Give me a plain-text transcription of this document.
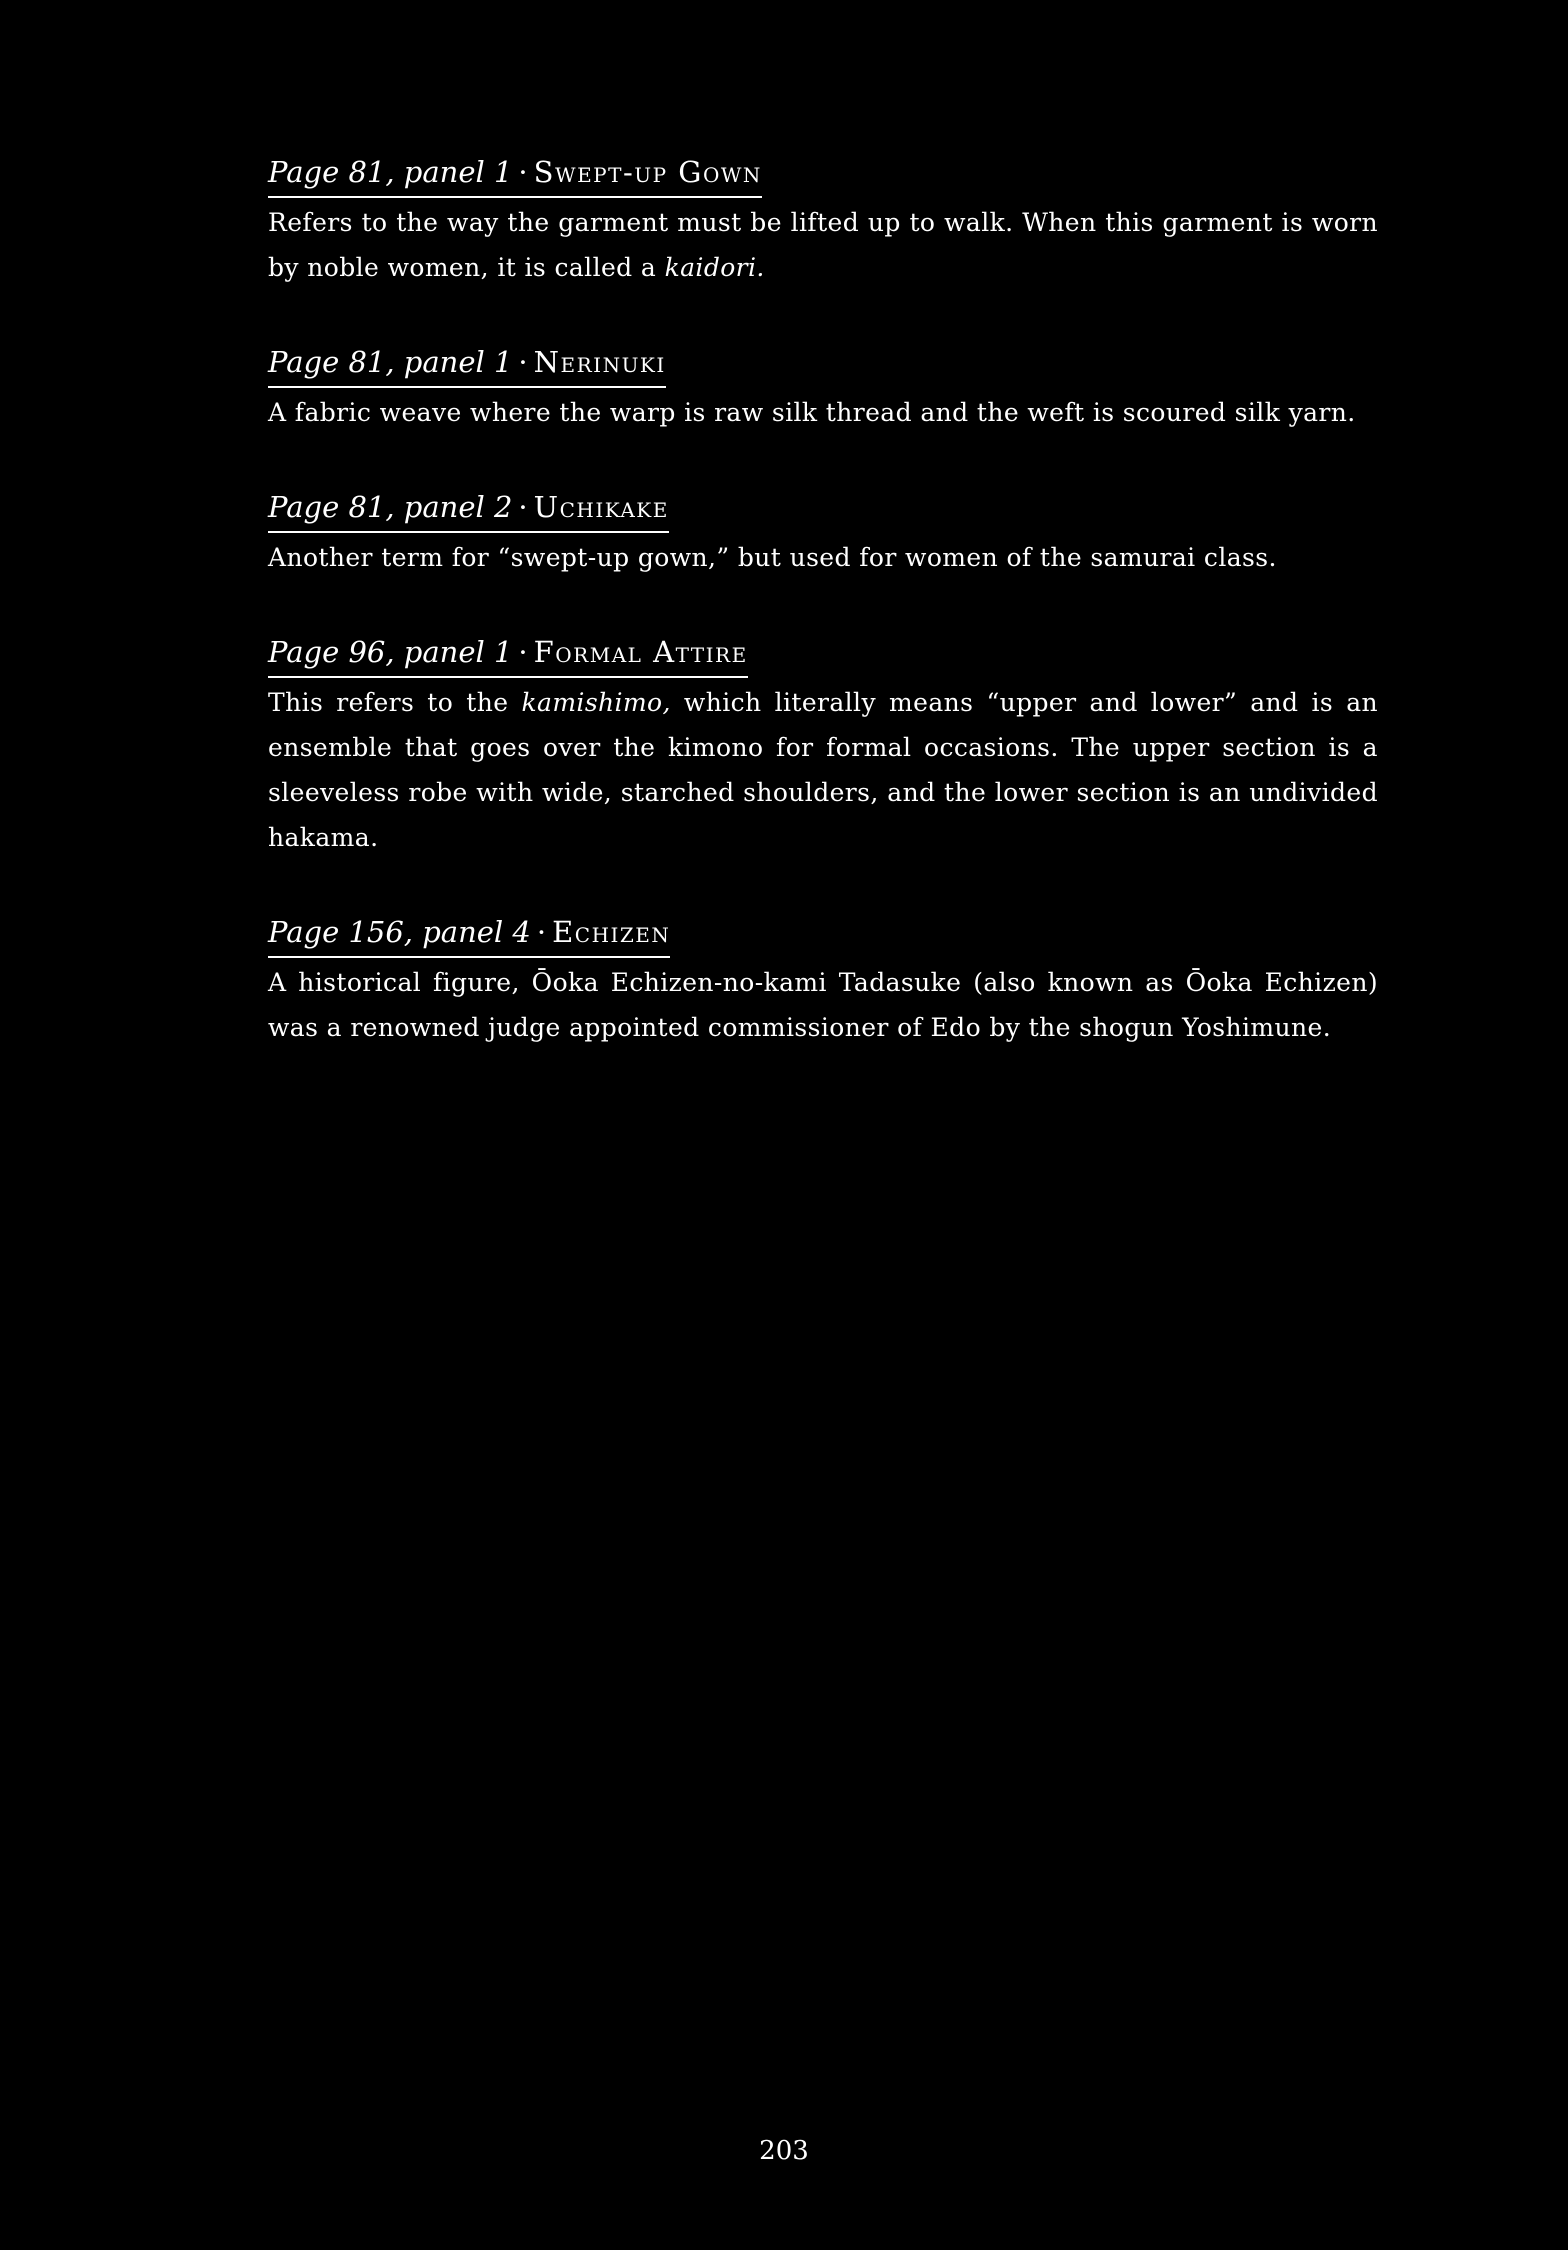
Page 81, panel 1 · Swept-up Gown
Refers to the way the garment must be lifted up to walk. When this garment is worn by noble women, it is called a kaidori.
Page 81, panel 1 · Nerinuki
A fabric weave where the warp is raw silk thread and the weft is scoured silk yarn.
Page 81, panel 2 · Uchikake
Another term for “swept-up gown,” but used for women of the samurai class.
Page 96, panel 1 · Formal Attire
This refers to the kamishimo, which literally means “upper and lower” and is an ensemble that goes over the kimono for formal occasions. The upper section is a sleeveless robe with wide, starched shoulders, and the lower section is an undivided hakama.
Page 156, panel 4 · Echizen
A historical figure, Ōoka Echizen-no-kami Tadasuke (also known as Ōoka Echizen) was a renowned judge appointed commissioner of Edo by the shogun Yoshimune.
203
